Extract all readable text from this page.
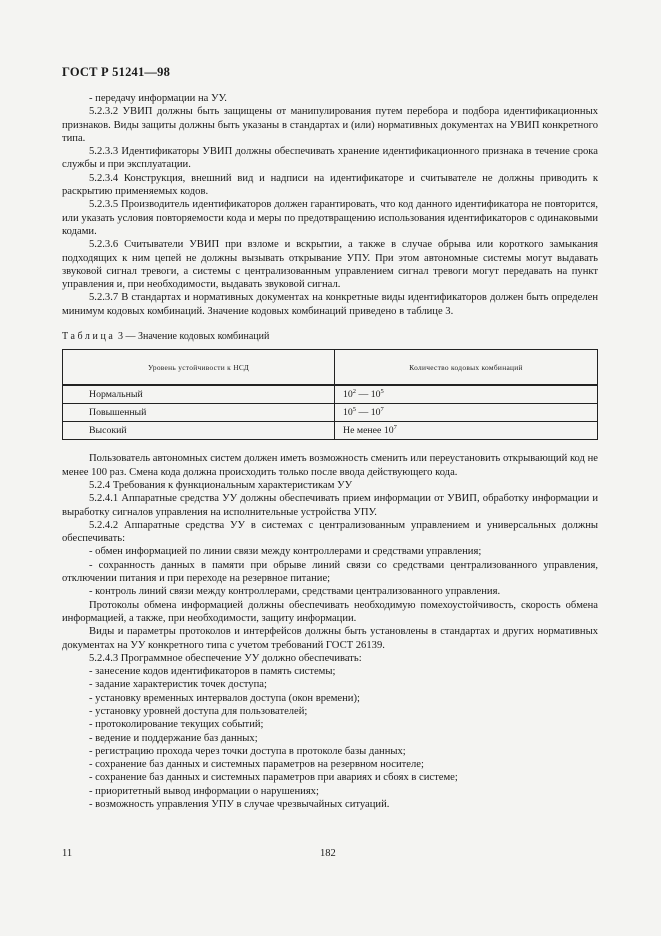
ГОСТ Р 51241—98

- передачу информации на УУ.

5.2.3.2 УВИП должны быть защищены от манипулирования путем перебора и подбора идентификационных признаков. Виды защиты должны быть указаны в стандартах и (или) нормативных документах на УВИП конкретного типа.

5.2.3.3 Идентификаторы УВИП должны обеспечивать хранение идентификационного признака в течение срока службы и при эксплуатации.

5.2.3.4 Конструкция, внешний вид и надписи на идентификаторе и считывателе не должны приводить к раскрытию применяемых кодов.

5.2.3.5 Производитель идентификаторов должен гарантировать, что код данного идентификатора не повторится, или указать условия повторяемости кода и меры по предотвращению использования идентификаторов с одинаковыми кодами.

5.2.3.6 Считыватели УВИП при взломе и вскрытии, а также в случае обрыва или короткого замыкания подходящих к ним цепей не должны вызывать открывание УПУ. При этом автономные системы могут выдавать звуковой сигнал тревоги, а системы с централизованным управлением сигнал тревоги могут передавать на пункт управления и, при необходимости, выдавать звуковой сигнал.

5.2.3.7 В стандартах и нормативных документах на конкретные виды идентификаторов должен быть определен минимум кодовых комбинаций. Значение кодовых комбинаций приведено в таблице 3.

Таблица 3 — Значение кодовых комбинаций
Уровень устойчивости к НСД	Количество кодовых комбинаций
Нормальный	$10^2$ — $10^5$
Повышенный	$10^5$ — $10^7$
Высокий	Не менее $10^7$

Пользователь автономных систем должен иметь возможность сменить или переустановить открывающий код не менее 100 раз. Смена кода должна происходить только после ввода действующего кода.

5.2.4 Требования к функциональным характеристикам УУ

5.2.4.1 Аппаратные средства УУ должны обеспечивать прием информации от УВИП, обработку информации и выработку сигналов управления на исполнительные устройства УПУ.

5.2.4.2 Аппаратные средства УУ в системах с централизованным управлением и универсальных должны обеспечивать:

- обмен информацией по линии связи между контроллерами и средствами управления;

- сохранность данных в памяти при обрыве линий связи со средствами централизованного управления, отключении питания и при переходе на резервное питание;

- контроль линий связи между контроллерами, средствами централизованного управления.

Протоколы обмена информацией должны обеспечивать необходимую помехоустойчивость, скорость обмена информацией, а также, при необходимости, защиту информации.

Виды и параметры протоколов и интерфейсов должны быть установлены в стандартах и других нормативных документах на УУ конкретного типа с учетом требований ГОСТ 26139.

5.2.4.3 Программное обеспечение УУ должно обеспечивать:

- занесение кодов идентификаторов в память системы;

- задание характеристик точек доступа;

- установку временных интервалов доступа (окон времени);

- установку уровней доступа для пользователей;

- протоколирование текущих событий;

- ведение и поддержание баз данных;

- регистрацию прохода через точки доступа в протоколе базы данных;

- сохранение баз данных и системных параметров на резервном носителе;

- сохранение баз данных и системных параметров при авариях и сбоях в системе;

- приоритетный вывод информации о нарушениях;

- возможность управления УПУ в случае чрезвычайных ситуаций.

11	182
